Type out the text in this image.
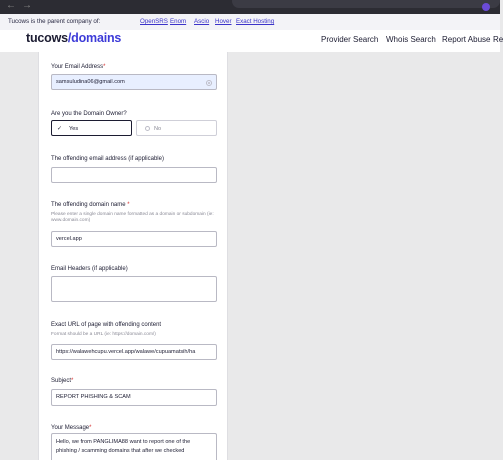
← →
Tucows is the parent company of:	OpenSRS Enom Ascio Hover Exact Hosting
tucows/domains	Provider Search Whois Search Report Abuse Re
Your Email Address*
samsuludina06@gmail.com
Are you the Domain Owner?
✓ Yes	No
The offending email address (if applicable)
The offending domain name *
Please enter a single domain name formatted as a domain or subdomain (ie: www.domain.com)
vercel.app
Email Headers (if applicable)
Exact URL of page with offending content
Format should be a URL (ie: https://domain.com/)
https://walawehcupu.vercel.app/walawe/cupuamatsih/ha
Subject*
REPORT PHISHING & SCAM
Your Message*
Hello, we from PANGLIMA88 want to report one of the phishing / scamming domains that after we checked
